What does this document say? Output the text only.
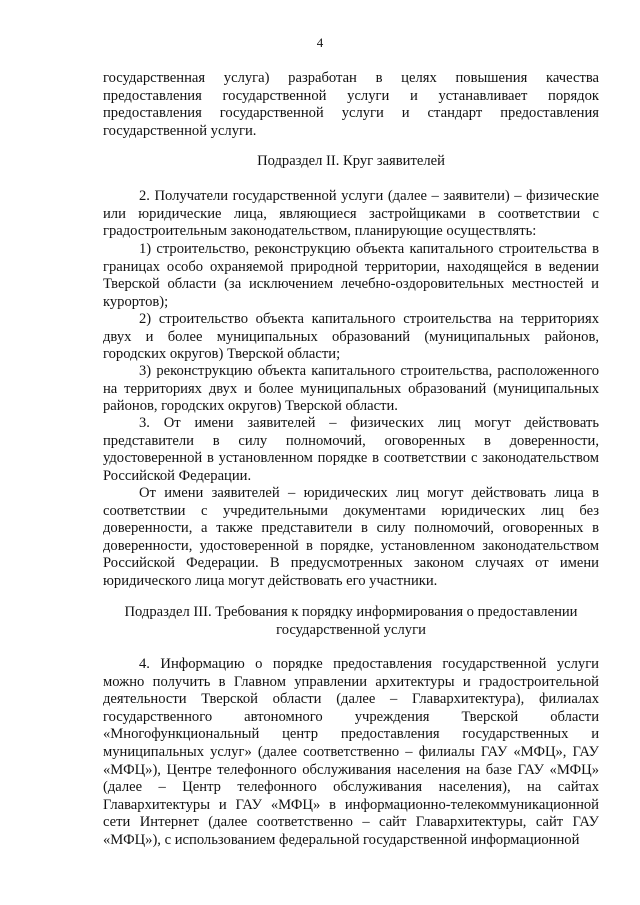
4

государственная услуга) разработан в целях повышения качества предоставления государственной услуги и устанавливает порядок предоставления государственной услуги и стандарт предоставления государственной услуги.

Подраздел II. Круг заявителей

2. Получатели государственной услуги (далее – заявители) – физические или юридические лица, являющиеся застройщиками в соответствии с градостроительным законодательством, планирующие осуществлять:

1) строительство, реконструкцию объекта капитального строительства в границах особо охраняемой природной территории, находящейся в ведении Тверской области (за исключением лечебно-оздоровительных местностей и курортов);

2) строительство объекта капитального строительства на территориях двух и более муниципальных образований (муниципальных районов, городских округов) Тверской области;

3) реконструкцию объекта капитального строительства, расположенного на территориях двух и более муниципальных образований (муниципальных районов, городских округов) Тверской области.

3. От имени заявителей – физических лиц могут действовать представители в силу полномочий, оговоренных в доверенности, удостоверенной в установленном порядке в соответствии с законодательством Российской Федерации.

От имени заявителей – юридических лиц могут действовать лица в соответствии с учредительными документами юридических лиц без доверенности, а также представители в силу полномочий, оговоренных в доверенности, удостоверенной в порядке, установленном законодательством Российской Федерации. В предусмотренных законом случаях от имени юридического лица могут действовать его участники.

Подраздел III. Требования к порядку информирования о предоставлении

государственной услуги

4. Информацию о порядке предоставления государственной услуги можно получить в Главном управлении архитектуры и градостроительной деятельности Тверской области (далее – Главархитектура), филиалах государственного автономного учреждения Тверской области «Многофункциональный центр предоставления государственных и муниципальных услуг» (далее соответственно – филиалы ГАУ «МФЦ», ГАУ «МФЦ»), Центре телефонного обслуживания населения на базе ГАУ «МФЦ» (далее – Центр телефонного обслуживания населения), на сайтах Главархитектуры и ГАУ «МФЦ» в информационно-телекоммуникационной сети Интернет (далее соответственно – сайт Главархитектуры, сайт ГАУ «МФЦ»), с использованием федеральной государственной информационной
